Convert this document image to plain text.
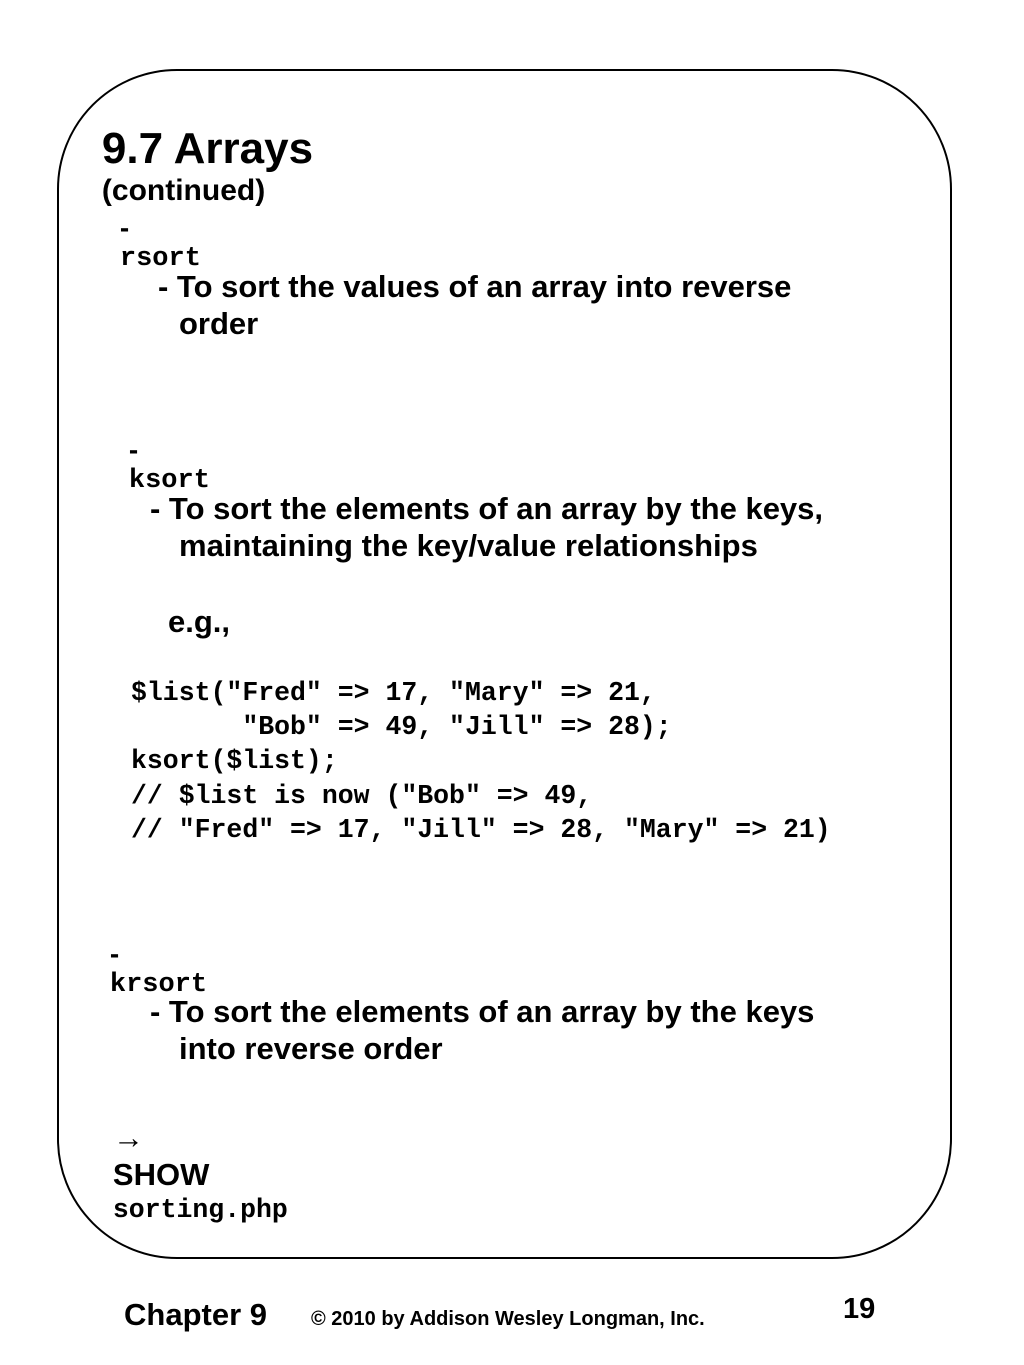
9.7 Arrays
(continued)

-
rsort

- To sort the values of an array into reverse
order

-
ksort

- To sort the elements of an array by the keys,
maintaining the key/value relationships
e.g.,
$list("Fred" => 17, "Mary" => 21,
"Bob" => 49, "Jill" => 28);
ksort($list);
// $list is now ("Bob" => 49,
// "Fred" => 17, "Jill" => 28, "Mary" => 21)

-
krsort

- To sort the elements of an array by the keys
into reverse order

→
SHOW
sorting.php

Chapter 9 © 2010 by Addison Wesley Longman, Inc.	19
